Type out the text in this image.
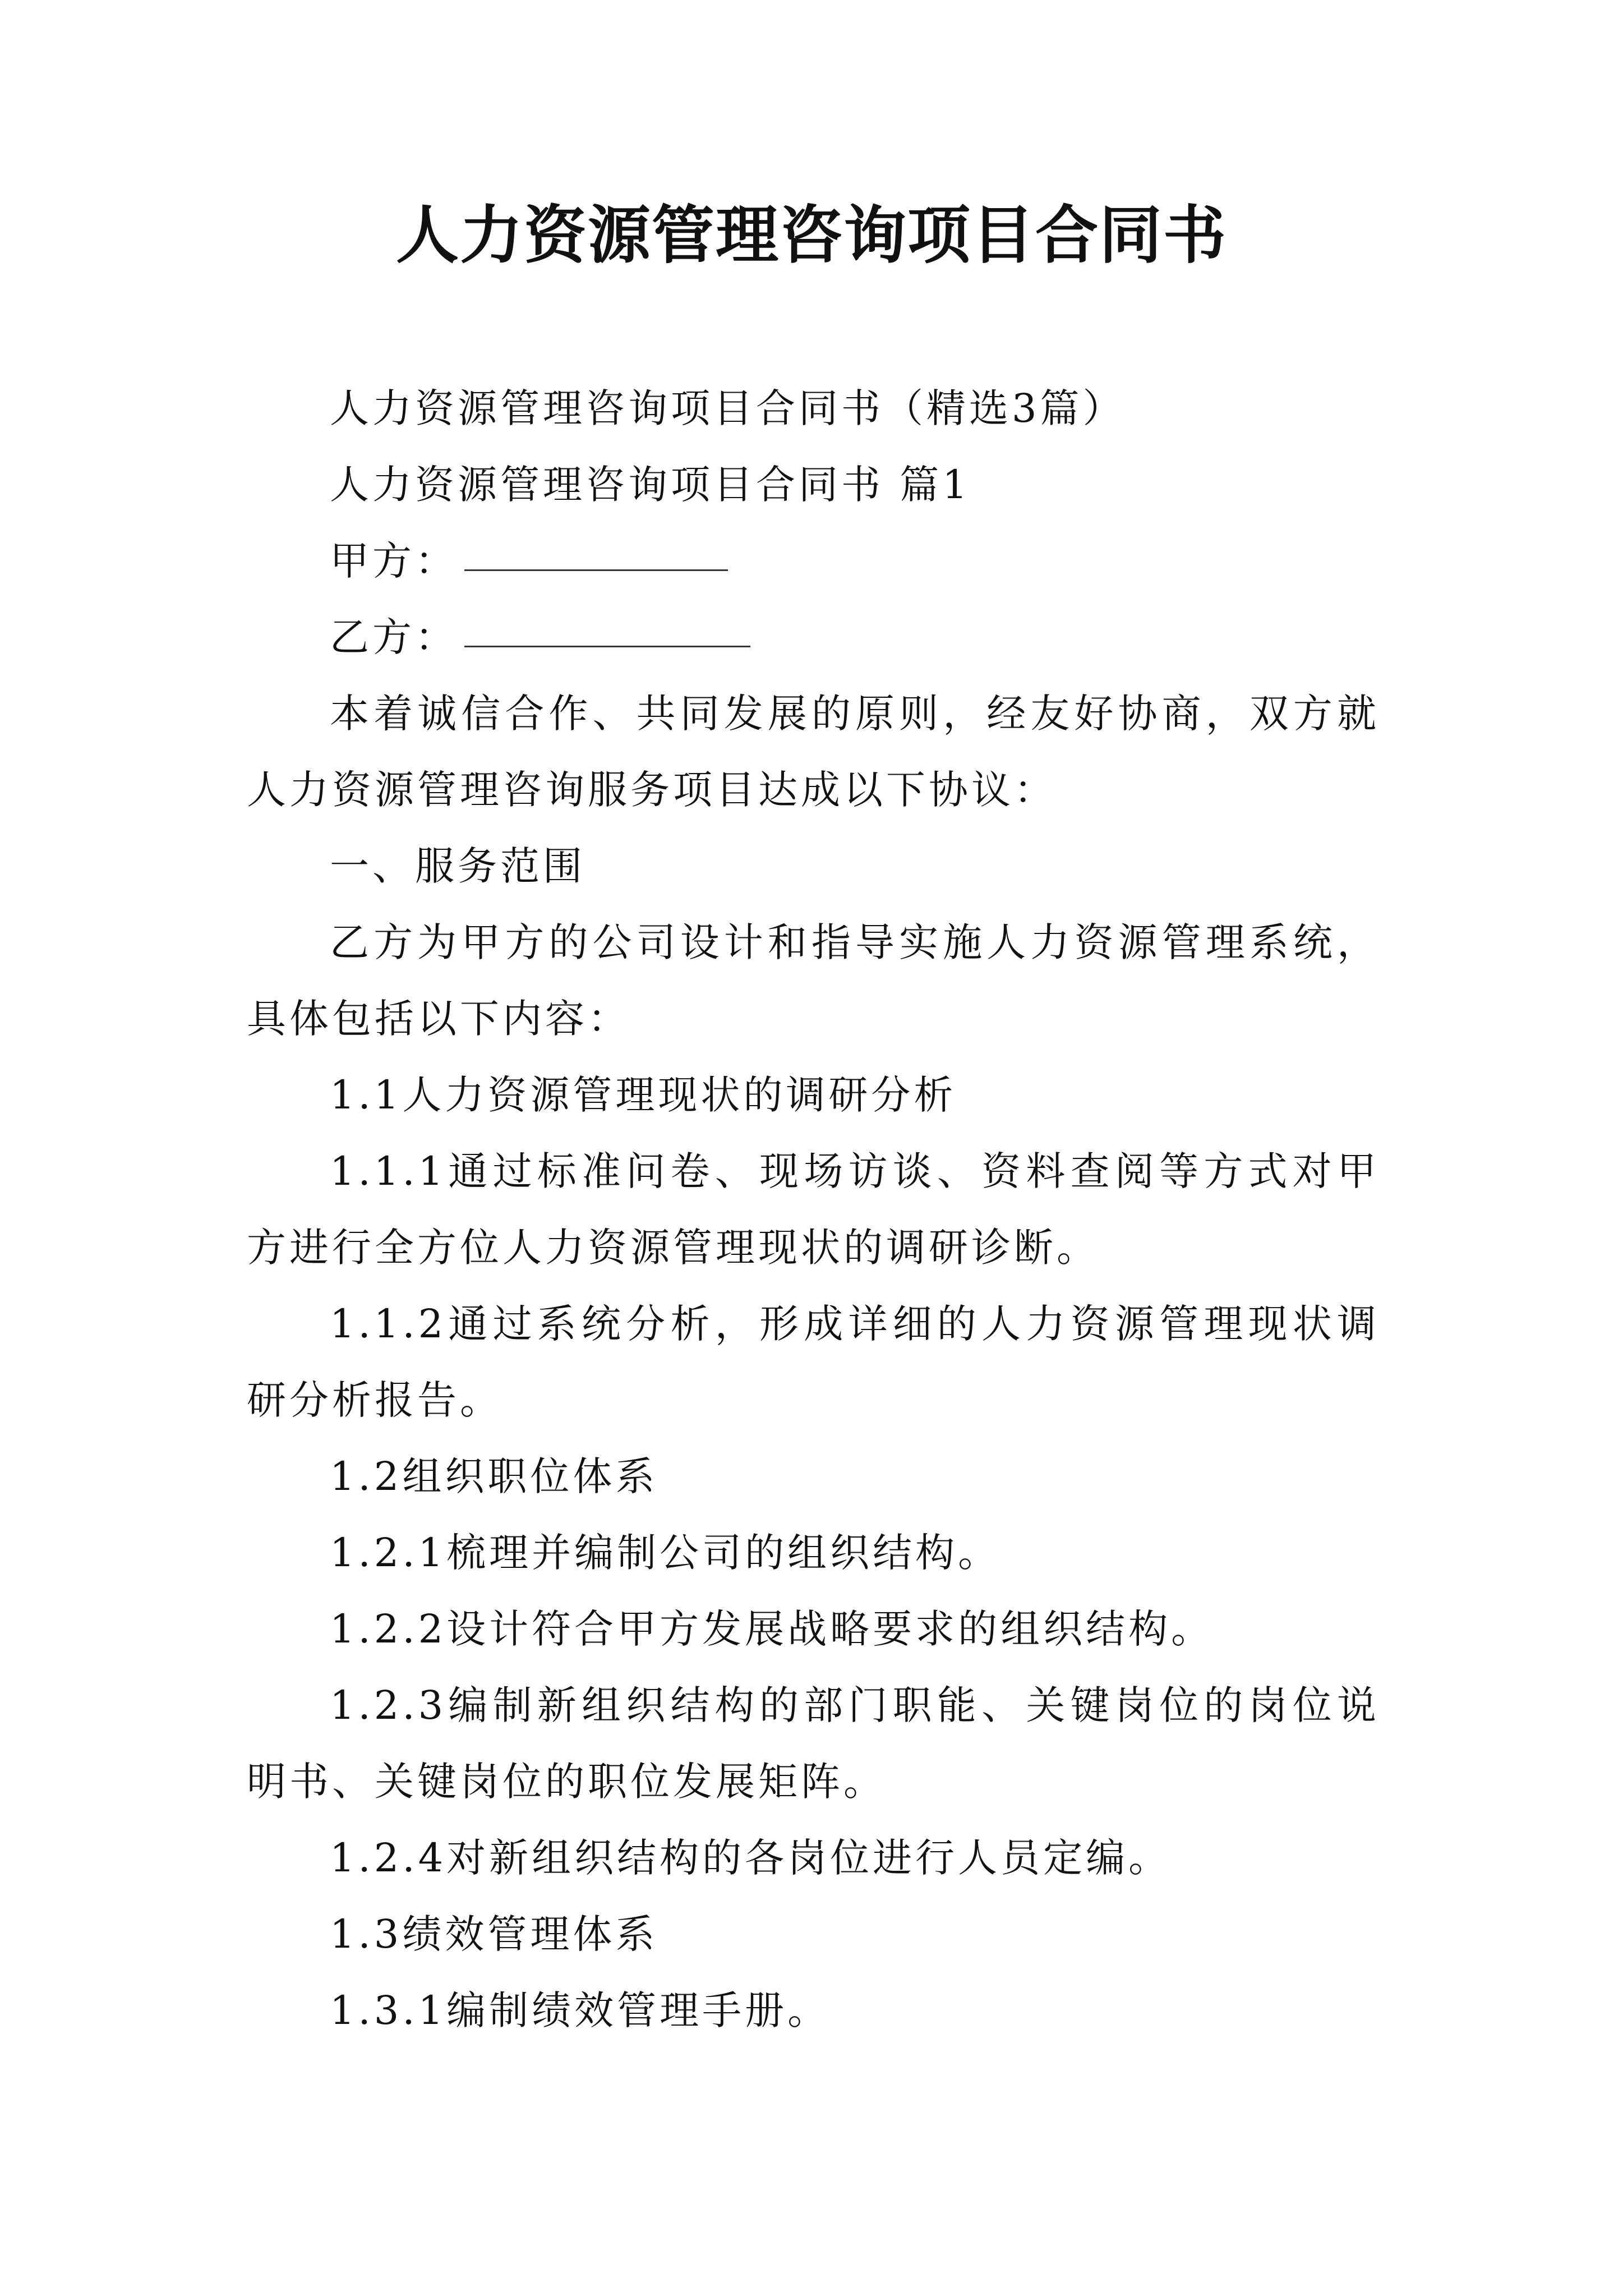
人力资源管理咨询项目合同书

人力资源管理咨询项目合同书（精选3篇）

人力资源管理咨询项目合同书 篇1

甲方：

乙方：

本着诚信合作、共同发展的原则，经友好协商，双方就人力资源管理咨询服务项目达成以下协议：

一、服务范围

乙方为甲方的公司设计和指导实施人力资源管理系统，具体包括以下内容：

1.1人力资源管理现状的调研分析

1.1.1通过标准问卷、现场访谈、资料查阅等方式对甲方进行全方位人力资源管理现状的调研诊断。

1.1.2通过系统分析，形成详细的人力资源管理现状调研分析报告。

1.2组织职位体系

1.2.1梳理并编制公司的组织结构。

1.2.2设计符合甲方发展战略要求的组织结构。

1.2.3编制新组织结构的部门职能、关键岗位的岗位说明书、关键岗位的职位发展矩阵。

1.2.4对新组织结构的各岗位进行人员定编。

1.3绩效管理体系

1.3.1编制绩效管理手册。
